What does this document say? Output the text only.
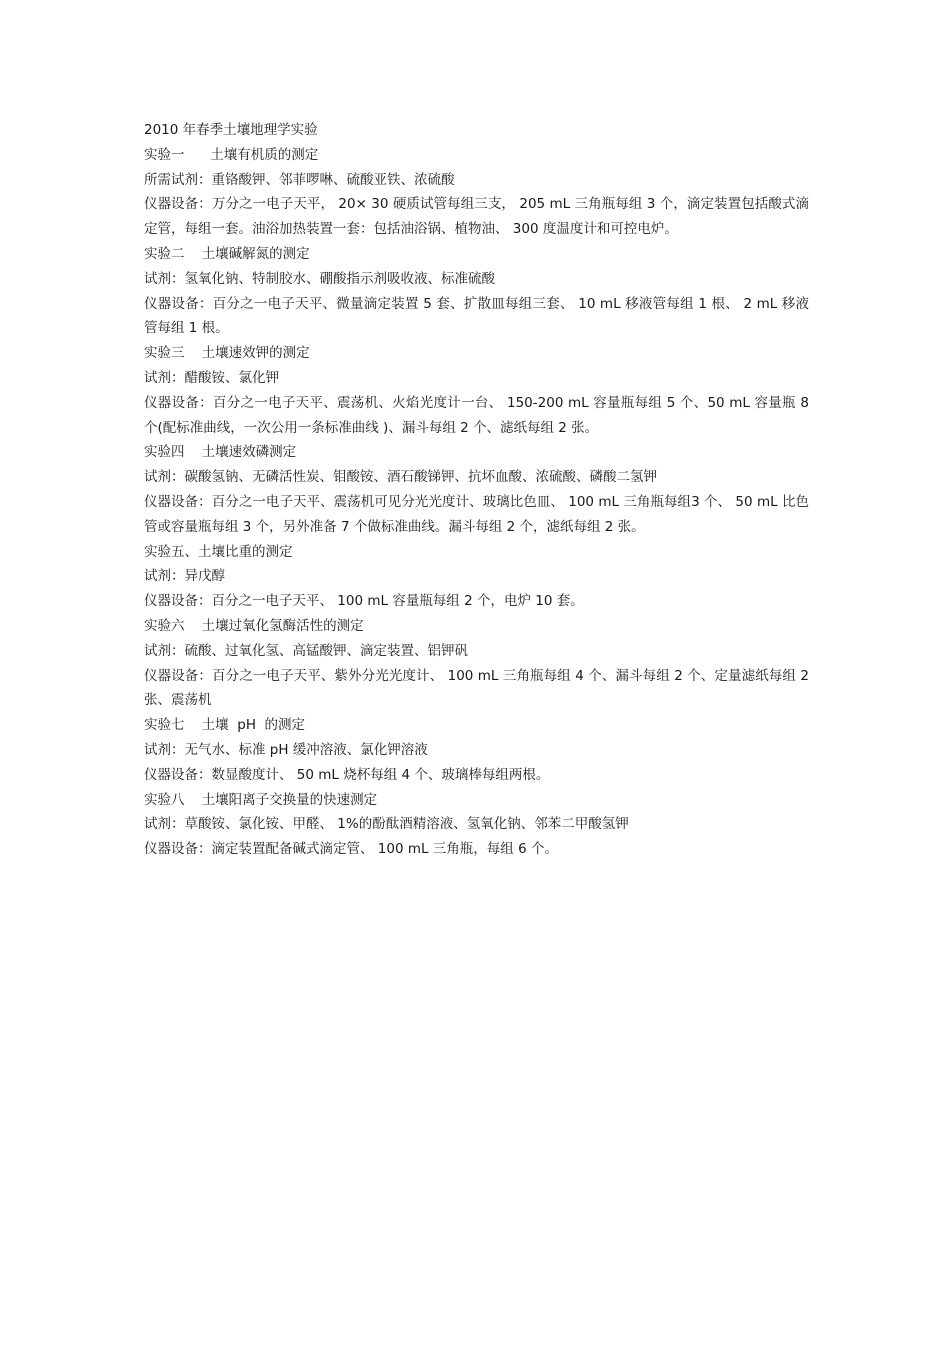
2010 年春季土壤地理学实验

实验一      土壤有机质的测定

所需试剂：重铬酸钾、邻菲啰啉、硫酸亚铁、浓硫酸

仪器设备：万分之一电子天平， 20× 30 硬质试管每组三支， 205 mL 三角瓶每组 3 个，滴定装置包括酸式滴定管，每组一套。油浴加热装置一套：包括油浴锅、植物油、 300 度温度计和可控电炉。

实验二    土壤碱解氮的测定

试剂：氢氧化钠、特制胶水、硼酸指示剂吸收液、标准硫酸

仪器设备：百分之一电子天平、微量滴定装置 5 套、扩散皿每组三套、 10 mL 移液管每组 1 根、 2 mL 移液管每组 1 根。

实验三    土壤速效钾的测定

试剂：醋酸铵、氯化钾

仪器设备：百分之一电子天平、震荡机、火焰光度计一台、 150-200 mL 容量瓶每组 5 个、50 mL 容量瓶 8 个(配标准曲线，一次公用一条标准曲线 )、漏斗每组 2 个、滤纸每组 2 张。

实验四    土壤速效磷测定

试剂：碳酸氢钠、无磷活性炭、钼酸铵、酒石酸锑钾、抗坏血酸、浓硫酸、磷酸二氢钾

仪器设备：百分之一电子天平、震荡机可见分光光度计、玻璃比色皿、 100 mL 三角瓶每组3 个、 50 mL 比色管或容量瓶每组 3 个，另外准备 7 个做标准曲线。漏斗每组 2 个，滤纸每组 2 张。

实验五、土壤比重的测定

试剂：异戊醇

仪器设备：百分之一电子天平、 100 mL 容量瓶每组 2 个，电炉 10 套。

实验六    土壤过氧化氢酶活性的测定

试剂：硫酸、过氧化氢、高锰酸钾、滴定装置、铝钾矾

仪器设备：百分之一电子天平、紫外分光光度计、 100 mL 三角瓶每组 4 个、漏斗每组 2 个、定量滤纸每组 2 张、震荡机

实验七    土壤  pH  的测定

试剂：无气水、标准 pH 缓冲溶液、氯化钾溶液

仪器设备：数显酸度计、 50 mL 烧杯每组 4 个、玻璃棒每组两根。

实验八    土壤阳离子交换量的快速测定

试剂：草酸铵、氯化铵、甲醛、 1%的酚酞酒精溶液、氢氧化钠、邻苯二甲酸氢钾

仪器设备：滴定装置配备碱式滴定管、 100 mL 三角瓶，每组 6 个。
